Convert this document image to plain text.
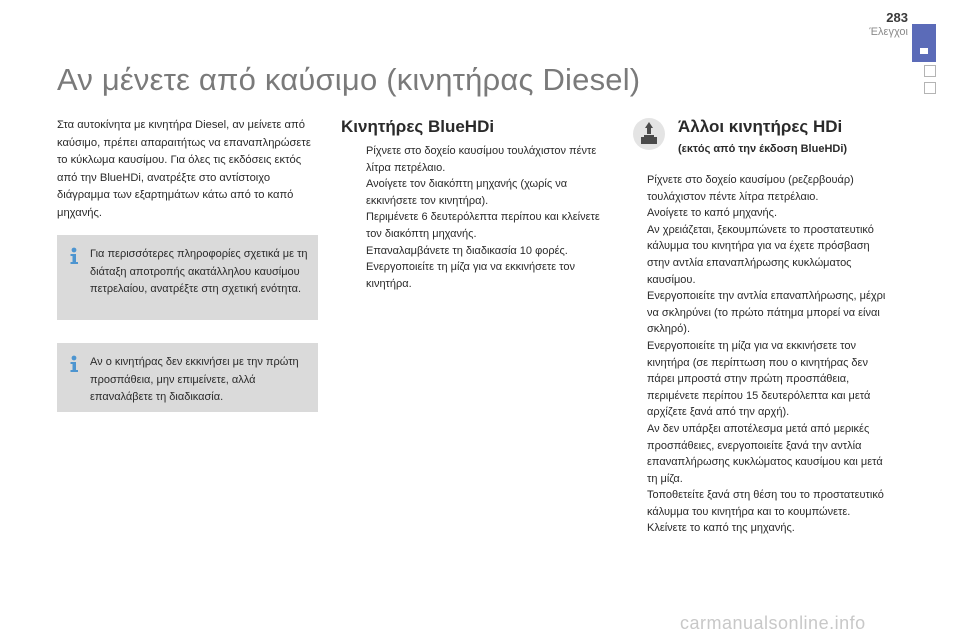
283
Έλεγχοι
Αν μένετε από καύσιμο (κινητήρας Diesel)

Στα αυτοκίνητα με κινητήρα Diesel, αν μείνετε από καύσιμο, πρέπει απαραιτήτως να επαναπληρώσετε το κύκλωμα καυσίμου. Για όλες τις εκδόσεις εκτός από την BlueHDi, ανατρέξτε στο αντίστοιχο διάγραμμα των εξαρτημάτων κάτω από το καπό μηχανής.

Για περισσότερες πληροφορίες σχετικά με τη διάταξη αποτροπής ακατάλληλου καυσίμου πετρελαίου, ανατρέξτε στη σχετική ενότητα.
Αν ο κινητήρας δεν εκκινήσει με την πρώτη προσπάθεια, μην επιμείνετε, αλλά επαναλάβετε τη διαδικασία.
Κινητήρες BlueHDi
Ρίχνετε στο δοχείο καυσίμου τουλάχιστον πέντε λίτρα πετρέλαιο.
Ανοίγετε τον διακόπτη μηχανής (χωρίς να εκκινήσετε τον κινητήρα).
Περιμένετε 6 δευτερόλεπτα περίπου και κλείνετε τον διακόπτη μηχανής.
Επαναλαμβάνετε τη διαδικασία 10 φορές.
Ενεργοποιείτε τη μίζα για να εκκινήσετε τον κινητήρα.
Άλλοι κινητήρες HDi
(εκτός από την έκδοση BlueHDi)
Ρίχνετε στο δοχείο καυσίμου (ρεζερβουάρ) τουλάχιστον πέντε λίτρα πετρέλαιο.
Ανοίγετε το καπό μηχανής.
Αν χρειάζεται, ξεκουμπώνετε το προστατευτικό κάλυμμα του κινητήρα για να έχετε πρόσβαση στην αντλία επαναπλήρωσης κυκλώματος καυσίμου.
Ενεργοποιείτε την αντλία επαναπλήρωσης, μέχρι να σκληρύνει (το πρώτο πάτημα μπορεί να είναι σκληρό).
Ενεργοποιείτε τη μίζα για να εκκινήσετε τον κινητήρα (σε περίπτωση που ο κινητήρας δεν πάρει μπροστά στην πρώτη προσπάθεια, περιμένετε περίπου 15 δευτερόλεπτα και μετά αρχίζετε ξανά από την αρχή).
Αν δεν υπάρξει αποτέλεσμα μετά από μερικές προσπάθειες, ενεργοποιείτε ξανά την αντλία επαναπλήρωσης κυκλώματος καυσίμου και μετά τη μίζα.
Τοποθετείτε ξανά στη θέση του το προστατευτικό κάλυμμα του κινητήρα και το κουμπώνετε.
Κλείνετε το καπό της μηχανής.
carmanualsonline.info
